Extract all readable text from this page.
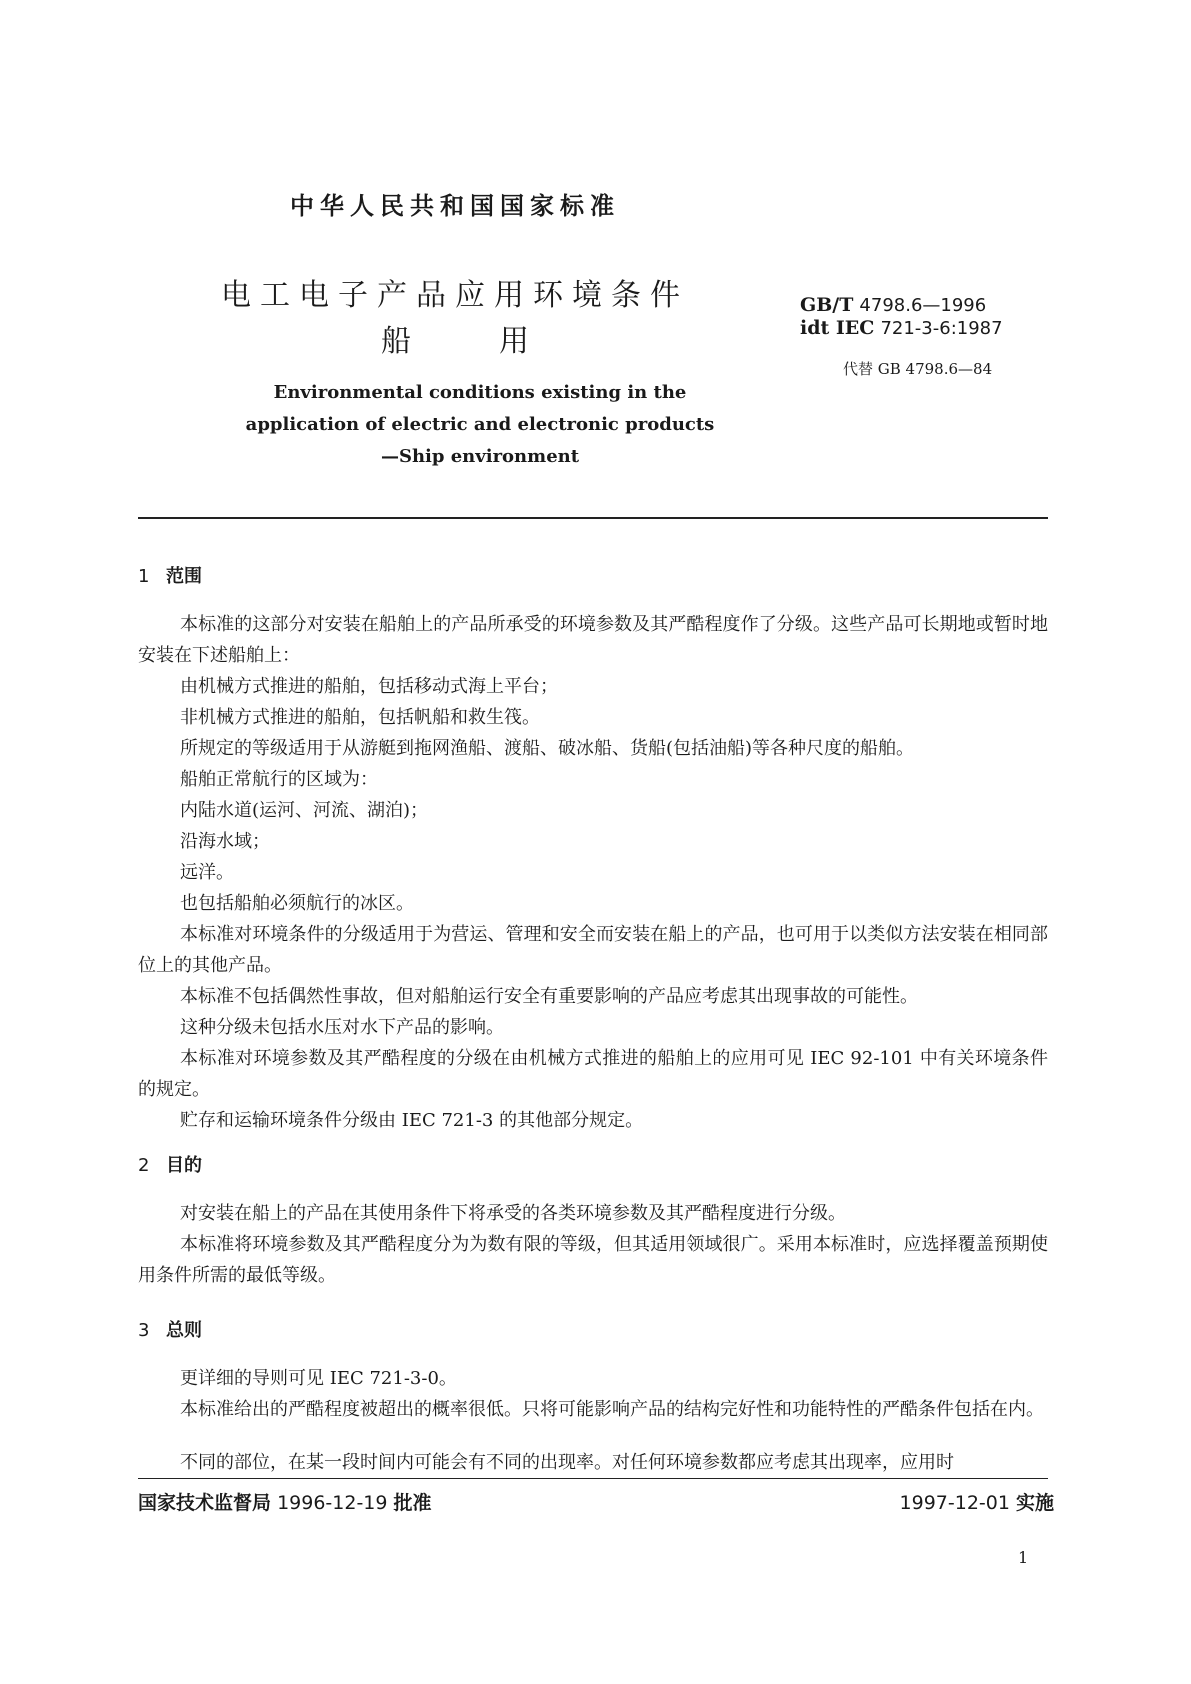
中华人民共和国国家标准
电工电子产品应用环境条件
船	用
GB/T 4798.6—1996
idt IEC 721-3-6:1987
代替 GB 4798.6—84
Environmental conditions existing in the
application of electric and electronic products
—Ship environment
1 范围
本标准的这部分对安装在船舶上的产品所承受的环境参数及其严酷程度作了分级。这些产品可长期地或暂时地安装在下述船舶上：
由机械方式推进的船舶，包括移动式海上平台；
非机械方式推进的船舶，包括帆船和救生筏。
所规定的等级适用于从游艇到拖网渔船、渡船、破冰船、货船(包括油船)等各种尺度的船舶。
船舶正常航行的区域为：
内陆水道(运河、河流、湖泊)；
沿海水域；
远洋。
也包括船舶必须航行的冰区。
本标准对环境条件的分级适用于为营运、管理和安全而安装在船上的产品，也可用于以类似方法安装在相同部位上的其他产品。
本标准不包括偶然性事故，但对船舶运行安全有重要影响的产品应考虑其出现事故的可能性。
这种分级未包括水压对水下产品的影响。
本标准对环境参数及其严酷程度的分级在由机械方式推进的船舶上的应用可见 IEC 92-101 中有关环境条件的规定。
贮存和运输环境条件分级由 IEC 721-3 的其他部分规定。
2 目的
对安装在船上的产品在其使用条件下将承受的各类环境参数及其严酷程度进行分级。
本标准将环境参数及其严酷程度分为为数有限的等级，但其适用领域很广。采用本标准时，应选择覆盖预期使用条件所需的最低等级。
3 总则
更详细的导则可见 IEC 721-3-0。
本标准给出的严酷程度被超出的概率很低。只将可能影响产品的结构完好性和功能特性的严酷条件包括在内。
不同的部位，在某一段时间内可能会有不同的出现率。对任何环境参数都应考虑其出现率，应用时
国家技术监督局 1996-12-19 批准	1997-12-01 实施
1
